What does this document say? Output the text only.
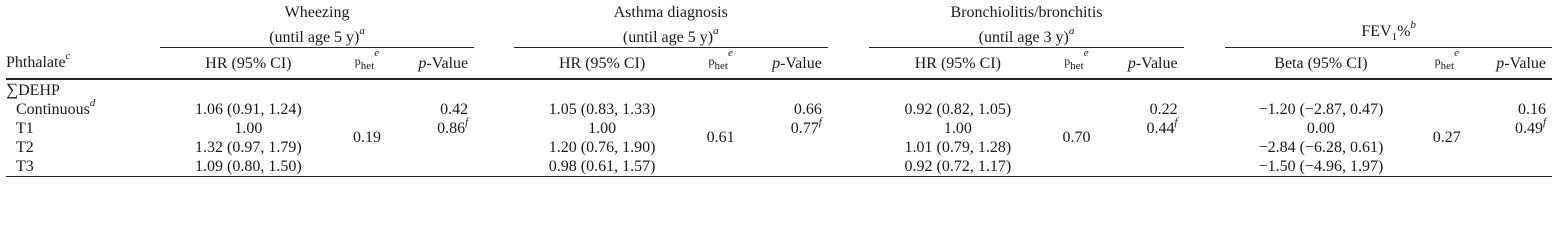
	Wheezing				Asthma diagnosis				Bronchiolitis/bronchitis						
	(until age 5 y)$^a$				(until age 5 y)$^a$				(until age 3 y)$^a$				$FEV_1\%^b$
Phthalate$^c$	HR (95% CI)	$p_{het}^e$	p-Value		HR (95% CI)	$p_{het}^e$	p-Value		HR (95% CI)	$p_{het}^e$	p-Value		Beta (95% CI)	$p_{het}^e$	p-Value
∑DEHP															
Continuous$^d$	1.06 (0.91, 1.24)		0.42		1.05 (0.83, 1.33)		0.66		0.92 (0.82, 1.05)		0.22		−1.20 (−2.87, 0.47)		0.16
T1	1.00	0.19	0.86$^f$		1.00	0.61	0.77$^f$		1.00	0.70	0.44$^f$		0.00	0.27	0.49$^f$
T2	1.32 (0.97, 1.79)				1.20 (0.76, 1.90)				1.01 (0.79, 1.28)				−2.84 (−6.28, 0.61)		
T3	1.09 (0.80, 1.50)				0.98 (0.61, 1.57)				0.92 (0.72, 1.17)				−1.50 (−4.96, 1.97)		
